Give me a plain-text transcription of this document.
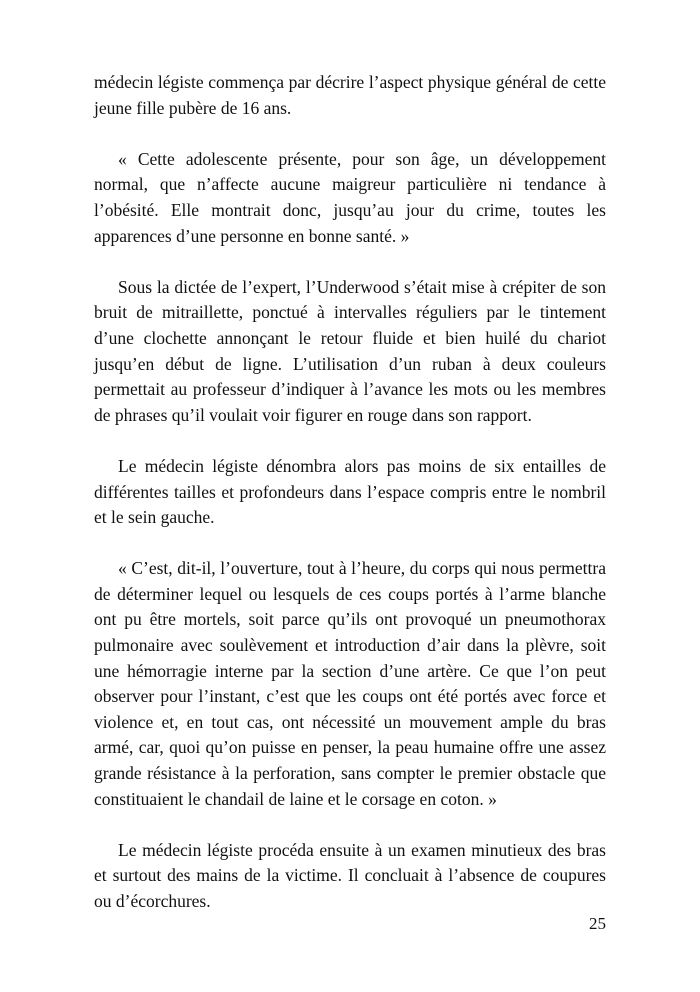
médecin légiste commença par décrire l’aspect physique général de cette jeune fille pubère de 16 ans.

« Cette adolescente présente, pour son âge, un développement normal, que n’affecte aucune maigreur particulière ni tendance à l’obésité. Elle montrait donc, jusqu’au jour du crime, toutes les apparences d’une personne en bonne santé. »

Sous la dictée de l’expert, l’Underwood s’était mise à crépiter de son bruit de mitraillette, ponctué à intervalles réguliers par le tintement d’une clochette annonçant le retour fluide et bien huilé du chariot jusqu’en début de ligne. L’utilisation d’un ruban à deux couleurs permettait au professeur d’indiquer à l’avance les mots ou les membres de phrases qu’il voulait voir figurer en rouge dans son rapport.

Le médecin légiste dénombra alors pas moins de six entailles de différentes tailles et profondeurs dans l’espace compris entre le nombril et le sein gauche.

« C’est, dit-il, l’ouverture, tout à l’heure, du corps qui nous permettra de déterminer lequel ou lesquels de ces coups portés à l’arme blanche ont pu être mortels, soit parce qu’ils ont provoqué un pneumothorax pulmonaire avec soulèvement et introduction d’air dans la plèvre, soit une hémorragie interne par la section d’une artère. Ce que l’on peut observer pour l’instant, c’est que les coups ont été portés avec force et violence et, en tout cas, ont nécessité un mouvement ample du bras armé, car, quoi qu’on puisse en penser, la peau humaine offre une assez grande résistance à la perforation, sans compter le premier obstacle que constituaient le chandail de laine et le corsage en coton. »

Le médecin légiste procéda ensuite à un examen minutieux des bras et surtout des mains de la victime. Il concluait à l’absence de coupures ou d’écorchures.

25
